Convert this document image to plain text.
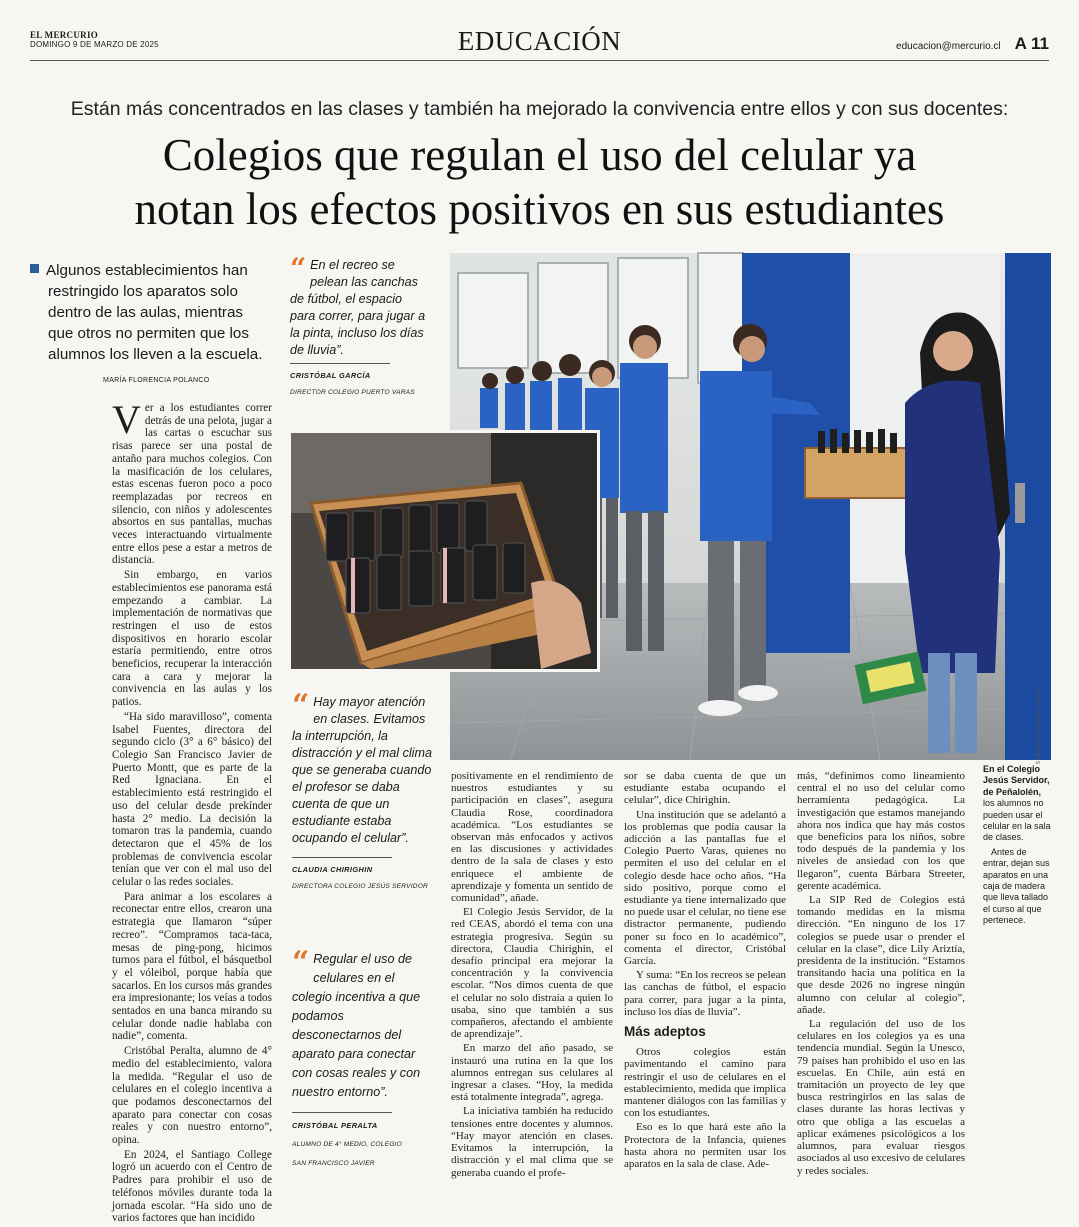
EL MERCURIO
DOMINGO 9 DE MARZO DE 2025	EDUCACIÓN	educacion@mercurio.cl A 11
Están más concentrados en las clases y también ha mejorado la convivencia entre ellos y con sus docentes:
Colegios que regulan el uso del celular ya
notan los efectos positivos en sus estudiantes
Algunos establecimientos han restringido los aparatos solo dentro de las aulas, mientras que otros no permiten que los alumnos los lleven a la escuela.
MARÍA FLORENCIA POLANCO

Ver a los estudiantes correr detrás de una pelota, jugar a las cartas o escuchar sus risas parece ser una postal de antaño para muchos colegios. Con la masificación de los celulares, estas escenas fueron poco a poco reemplazadas por recreos en silencio, con niños y adolescentes absortos en sus pantallas, muchas veces interactuando virtualmente entre ellos pese a estar a metros de distancia.

Sin embargo, en varios establecimientos ese panorama está empezando a cambiar. La implementación de normativas que restringen el uso de estos dispositivos en horario escolar estaría permitiendo, entre otros beneficios, recuperar la interacción cara a cara y mejorar la convivencia en las aulas y los patios.

“Ha sido maravilloso”, comenta Isabel Fuentes, directora del segundo ciclo (3° a 6° básico) del Colegio San Francisco Javier de Puerto Montt, que es parte de la Red Ignaciana. En el establecimiento está restringido el uso del celular desde prekínder hasta 2° medio. La decisión la tomaron tras la pandemia, cuando detectaron que el 45% de los problemas de convivencia escolar tenían que ver con el mal uso del celular o las redes sociales.

Para animar a los escolares a reconectar entre ellos, crearon una estrategia que llamaron “súper recreo”. “Compramos taca-taca, mesas de ping-pong, hicimos turnos para el fútbol, el básquetbol y el vóleibol, porque había que sacarlos. En los cursos más grandes era impresionante; los veías a todos sentados en una banca mirando su celular donde nadie hablaba con nadie”, comenta.

Cristóbal Peralta, alumno de 4° medio del establecimiento, valora la medida. “Regular el uso de celulares en el colegio incentiva a que podamos desconectarnos del aparato para conectar con cosas reales y con nuestro entorno”, opina.

En 2024, el Santiago College logró un acuerdo con el Centro de Padres para prohibir el uso de teléfonos móviles durante toda la jornada escolar. “Ha sido uno de varios factores que han incidido

“ En el recreo se pelean las canchas de fútbol, el espacio para correr, para jugar a la pinta, incluso los días de lluvia”.
CRISTÓBAL GARCÍA
DIRECTOR COLEGIO PUERTO VARAS
SERGIO ALFONSO LÓPEZ
“ Hay mayor atención en clases. Evitamos la interrupción, la distracción y el mal clima que se generaba cuando el profesor se daba cuenta de que un estudiante estaba ocupando el celular”.
CLAUDIA CHIRIGHIN
DIRECTORA COLEGIO JESÚS SERVIDOR
“ Regular el uso de celulares en el colegio incentiva a que podamos desconectarnos del aparato para conectar con cosas reales y con nuestro entorno”.
CRISTÓBAL PERALTA
ALUMNO DE 4° MEDIO, COLEGIO SAN FRANCISCO JAVIER

positivamente en el rendimiento de nuestros estudiantes y su participación en clases”, asegura Claudia Rose, coordinadora académica. “Los estudiantes se observan más enfocados y activos en las discusiones y actividades dentro de la sala de clases y esto enriquece el ambiente de aprendizaje y fomenta un sentido de comunidad”, añade.

El Colegio Jesús Servidor, de la red CEAS, abordó el tema con una estrategia progresiva. Según su directora, Claudia Chirighin, el desafío principal era mejorar la concentración y la convivencia escolar. “Nos dimos cuenta de que el celular no solo distraía a quien lo usaba, sino que también a sus compañeros, afectando el ambiente de aprendizaje”.

En marzo del año pasado, se instauró una rutina en la que los alumnos entregan sus celulares al ingresar a clases. “Hoy, la medida está totalmente integrada”, agrega.

La iniciativa también ha reducido tensiones entre docentes y alumnos. “Hay mayor atención en clases. Evitamos la interrupción, la distracción y el mal clima que se generaba cuando el profe-

sor se daba cuenta de que un estudiante estaba ocupando el celular”, dice Chirighin.

Una institución que se adelantó a los problemas que podía causar la adicción a las pantallas fue el Colegio Puerto Varas, quienes no permiten el uso del celular en el colegio desde hace ocho años. “Ha sido positivo, porque como el estudiante ya tiene internalizado que no puede usar el celular, no tiene ese distractor permanente, pudiendo poner su foco en lo académico”, comenta el director, Cristóbal García.

Y suma: “En los recreos se pelean las canchas de fútbol, el espacio para correr, para jugar a la pinta, incluso los días de lluvia”.

Más adeptos

Otros colegios están pavimentando el camino para restringir el uso de celulares en el establecimiento, medida que implica mantener diálogos con las familias y con los estudiantes.

Eso es lo que hará este año la Protectora de la Infancia, quienes hasta ahora no permiten usar los aparatos en la sala de clase. Ade-

más, “definimos como lineamiento central el no uso del celular como herramienta pedagógica. La investigación que estamos manejando ahora nos indica que hay más costos que beneficios para los niños, sobre todo después de la pandemia y los niveles de ansiedad con los que llegaron”, cuenta Bárbara Streeter, gerente académica.

La SIP Red de Colegios está tomando medidas en la misma dirección. “En ninguno de los 17 colegios se puede usar o prender el celular en la clase”, dice Lily Ariztía, presidenta de la institución. “Estamos transitando hacia una política en la que desde 2026 no ingrese ningún alumno con celular al colegio”, añade.

La regulación del uso de los celulares en los colegios ya es una tendencia mundial. Según la Unesco, 79 países han prohibido el uso en las escuelas. En Chile, aún está en tramitación un proyecto de ley que busca restringirlos en las salas de clases durante las horas lectivas y otro que obliga a las escuelas a aplicar exámenes psicológicos a los alumnos, para evaluar riesgos asociados al uso excesivo de celulares y redes sociales.

En el Colegio Jesús Servidor, de Peñalolén, los alumnos no pueden usar el celular en la sala de clases.

Antes de entrar, dejan sus aparatos en una caja de madera que lleva tallado el curso al que pertenece.
